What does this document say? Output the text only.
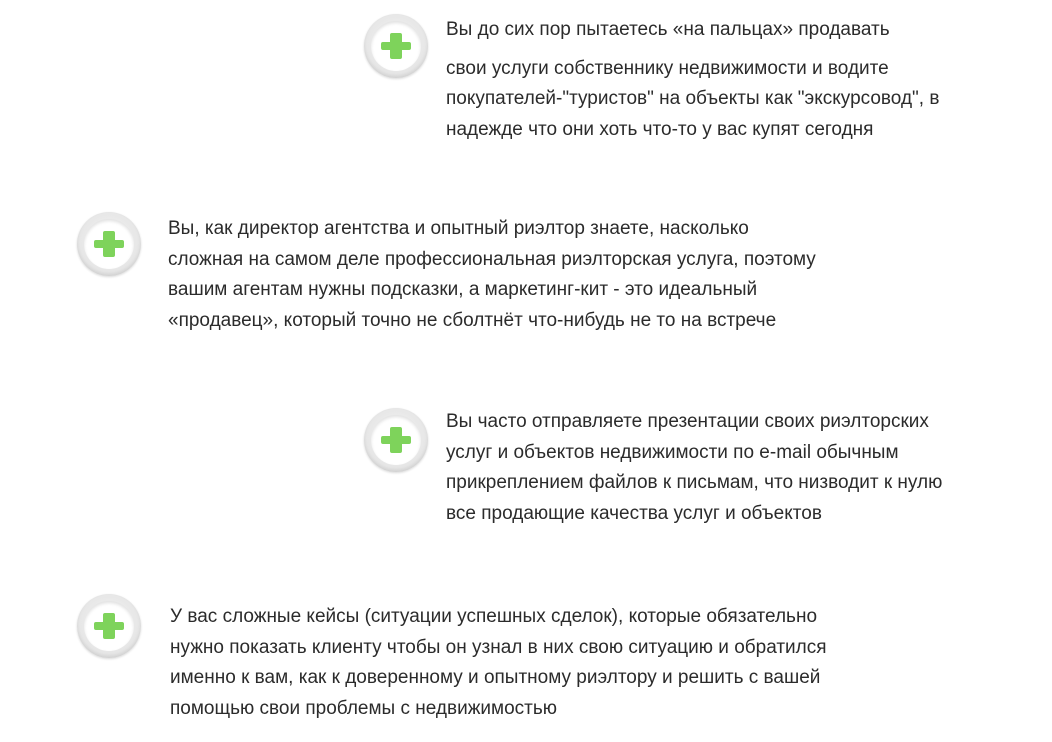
Вы до сих пор пытаетесь «на пальцах» продавать
свои услуги собственнику недвижимости и водите
покупателей-"туристов" на объекты как "экскурсовод", в
надежде что они хоть что-то у вас купят сегодня
Вы, как директор агентства и опытный риэлтор знаете, насколько
сложная на самом деле профессиональная риэлторская услуга, поэтому
вашим агентам нужны подсказки, а маркетинг-кит - это идеальный
«продавец», который точно не сболтнёт что-нибудь не то на встрече
Вы часто отправляете презентации своих риэлторских
услуг и объектов недвижимости по e-mail обычным
прикреплением файлов к письмам, что низводит к нулю
все продающие качества услуг и объектов
У вас сложные кейсы (ситуации успешных сделок), которые обязательно
нужно показать клиенту чтобы он узнал в них свою ситуацию и обратился
именно к вам, как к доверенному и опытному риэлтору и решить с вашей
помощью свои проблемы с недвижимостью
